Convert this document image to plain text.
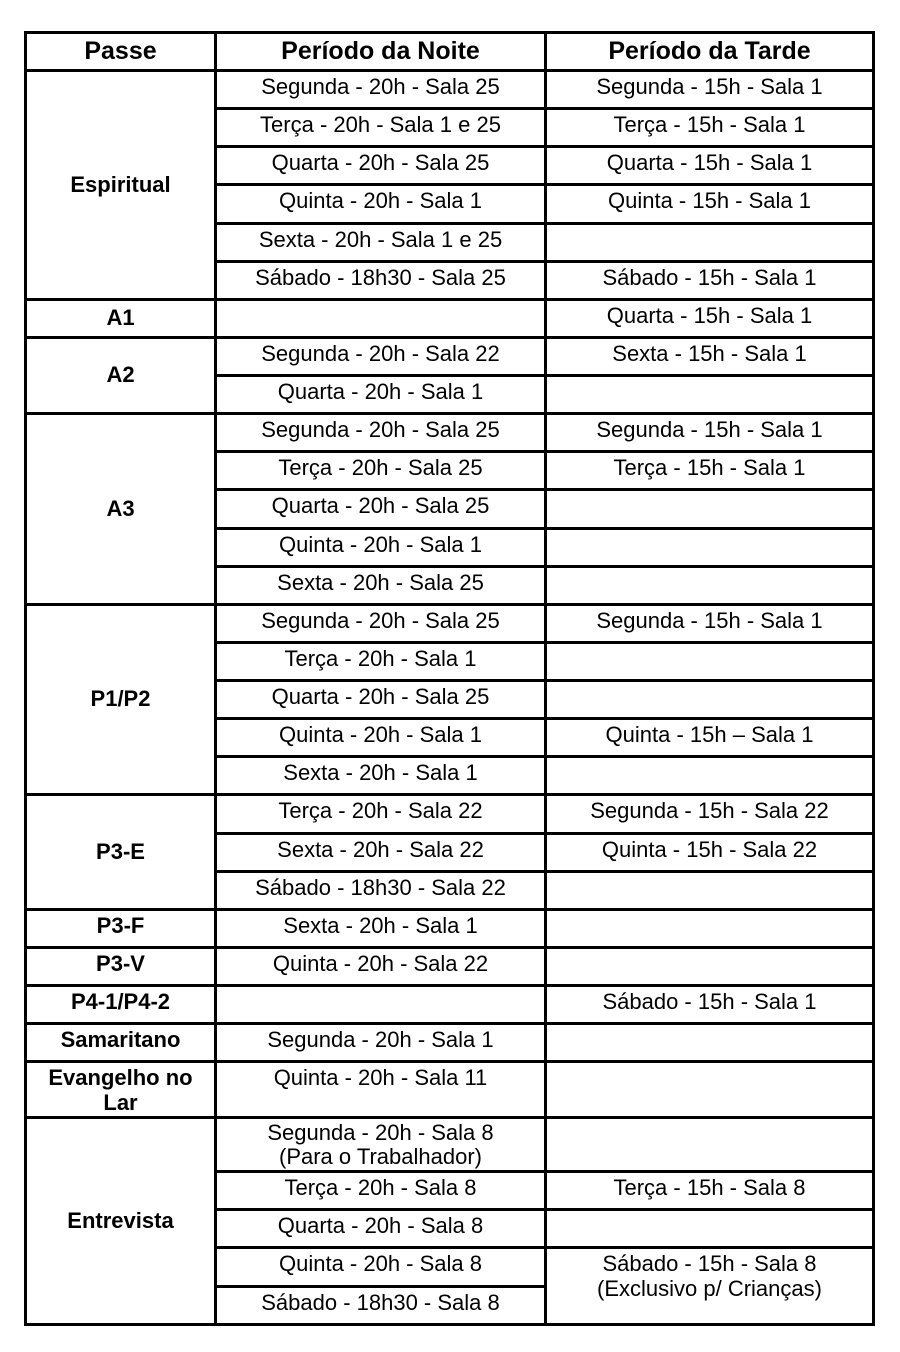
Passe	Período da Noite	Período da Tarde
Espiritual	Segunda - 20h - Sala 25	Segunda - 15h - Sala 1
	Terça - 20h - Sala 1 e 25	Terça - 15h - Sala 1
	Quarta - 20h - Sala 25	Quarta - 15h - Sala 1
	Quinta - 20h - Sala 1	Quinta - 15h - Sala 1
	Sexta - 20h - Sala 1 e 25	
	Sábado - 18h30 - Sala 25	Sábado - 15h - Sala 1
A1		Quarta - 15h - Sala 1
A2	Segunda - 20h - Sala 22	Sexta - 15h - Sala 1
	Quarta - 20h - Sala 1	
A3	Segunda - 20h - Sala 25	Segunda - 15h - Sala 1
	Terça - 20h - Sala 25	Terça - 15h - Sala 1
	Quarta - 20h - Sala 25	
	Quinta - 20h - Sala 1	
	Sexta - 20h - Sala 25	
P1/P2	Segunda - 20h - Sala 25	Segunda - 15h - Sala 1
	Terça - 20h - Sala 1	
	Quarta - 20h - Sala 25	
	Quinta - 20h - Sala 1	Quinta - 15h – Sala 1
	Sexta - 20h - Sala 1	
P3-E	Terça - 20h - Sala 22	Segunda - 15h - Sala 22
	Sexta - 20h - Sala 22	Quinta - 15h - Sala 22
	Sábado - 18h30 - Sala 22	
P3-F	Sexta - 20h - Sala 1	
P3-V	Quinta - 20h - Sala 22	
P4-1/P4-2		Sábado - 15h - Sala 1
Samaritano	Segunda - 20h - Sala 1	
Evangelho no Lar	Quinta - 20h - Sala 11	
Entrevista	Segunda - 20h - Sala 8
(Para o Trabalhador)	

	Terça - 20h - Sala 8	Terça - 15h - Sala 8
	Quarta - 20h - Sala 8	
	Quinta - 20h - Sala 8	Sábado - 15h - Sala 8
(Exclusivo p/ Crianças)

	Sábado - 18h30 - Sala 8	
